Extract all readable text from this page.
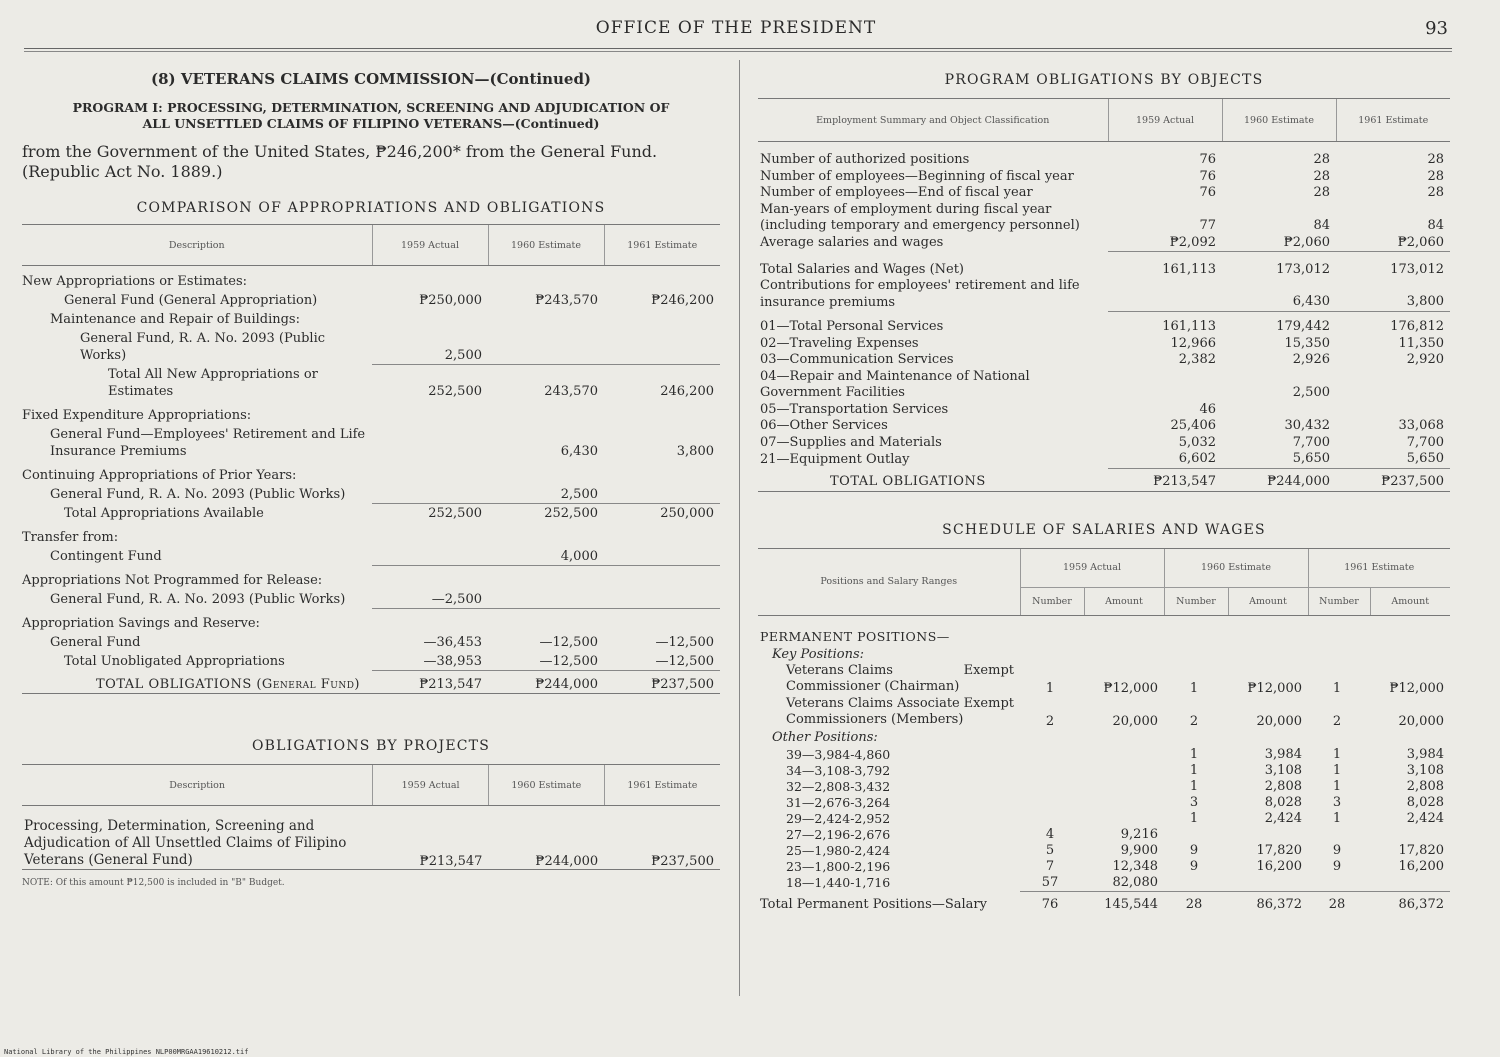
OFFICE OF THE PRESIDENT	93
(8) VETERANS CLAIMS COMMISSION—(Continued)
PROGRAM I: PROCESSING, DETERMINATION, SCREENING AND ADJUDICATION OF
ALL UNSETTLED CLAIMS OF FILIPINO VETERANS—(Continued)
from the Government of the United States, ₱246,200* from the General Fund. (Republic Act No. 1889.)
COMPARISON OF APPROPRIATIONS AND OBLIGATIONS
Description	1959 Actual	1960 Estimate	1961 Estimate
New Appropriations or Estimates:			
General Fund (General Appropriation)	₱250,000	₱243,570	₱246,200
Maintenance and Repair of Buildings:			
General Fund, R. A. No. 2093 (Public Works)	2,500		
Total All New Appropriations or Estimates	252,500	243,570	246,200
Fixed Expenditure Appropriations:			
General Fund—Employees' Retirement and Life Insurance Premiums		6,430	3,800
Continuing Appropriations of Prior Years:			
General Fund, R. A. No. 2093 (Public Works)		2,500	
Total Appropriations Available	252,500	252,500	250,000
Transfer from:			
Contingent Fund		4,000	
Appropriations Not Programmed for Release:			
General Fund, R. A. No. 2093 (Public Works)	—2,500		
Appropriation Savings and Reserve:			
General Fund	—36,453	—12,500	—12,500
Total Unobligated Appropriations	—38,953	—12,500	—12,500
TOTAL OBLIGATIONS (General Fund)	₱213,547	₱244,000	₱237,500

OBLIGATIONS BY PROJECTS
Description	1959 Actual	1960 Estimate	1961 Estimate
Processing, Determination, Screening and Adjudication of All Unsettled Claims of Filipino Veterans (General Fund)	₱213,547	₱244,000	₱237,500

NOTE: Of this amount ₱12,500 is included in "B" Budget.
PROGRAM OBLIGATIONS BY OBJECTS
Employment Summary and Object Classification	1959 Actual	1960 Estimate	1961 Estimate
Number of authorized positions	76	28	28
Number of employees—Beginning of fiscal year	76	28	28
Number of employees—End of fiscal year	76	28	28
Man-years of employment during fiscal year (including temporary and emergency personnel)	77	84	84
Average salaries and wages	₱2,092	₱2,060	₱2,060
Total Salaries and Wages (Net)	161,113	173,012	173,012
Contributions for employees' retirement and life insurance premiums		6,430	3,800
01—Total Personal Services	161,113	179,442	176,812
02—Traveling Expenses	12,966	15,350	11,350
03—Communication Services	2,382	2,926	2,920
04—Repair and Maintenance of National Government Facilities		2,500	
05—Transportation Services	46		
06—Other Services	25,406	30,432	33,068
07—Supplies and Materials	5,032	7,700	7,700
21—Equipment Outlay	6,602	5,650	5,650
TOTAL OBLIGATIONS	₱213,547	₱244,000	₱237,500

SCHEDULE OF SALARIES AND WAGES
Positions and Salary Ranges	1959 Actual		1960 Estimate		1961 Estimate	
	Number	Amount	Number	Amount	Number	Amount
PERMANENT POSITIONS—						
Key Positions:						

Exempt
Veterans Claims Commissioner (Chairman)	1	₱12,000	1	₱12,000	1	₱12,000

Exempt
Veterans Claims Associate Commissioners (Members)	2	20,000	2	20,000	2	20,000
Other Positions:						
39—3,984-4,860			1	3,984	1	3,984
34—3,108-3,792			1	3,108	1	3,108
32—2,808-3,432			1	2,808	1	2,808
31—2,676-3,264			3	8,028	3	8,028
29—2,424-2,952			1	2,424	1	2,424
27—2,196-2,676	4	9,216				
25—1,980-2,424	5	9,900	9	17,820	9	17,820
23—1,800-2,196	7	12,348	9	16,200	9	16,200
18—1,440-1,716	57	82,080				
Total Permanent Positions—Salary	76	145,544	28	86,372	28	86,372
National Library of the Philippines NLP00MRGAA19610212.tif
